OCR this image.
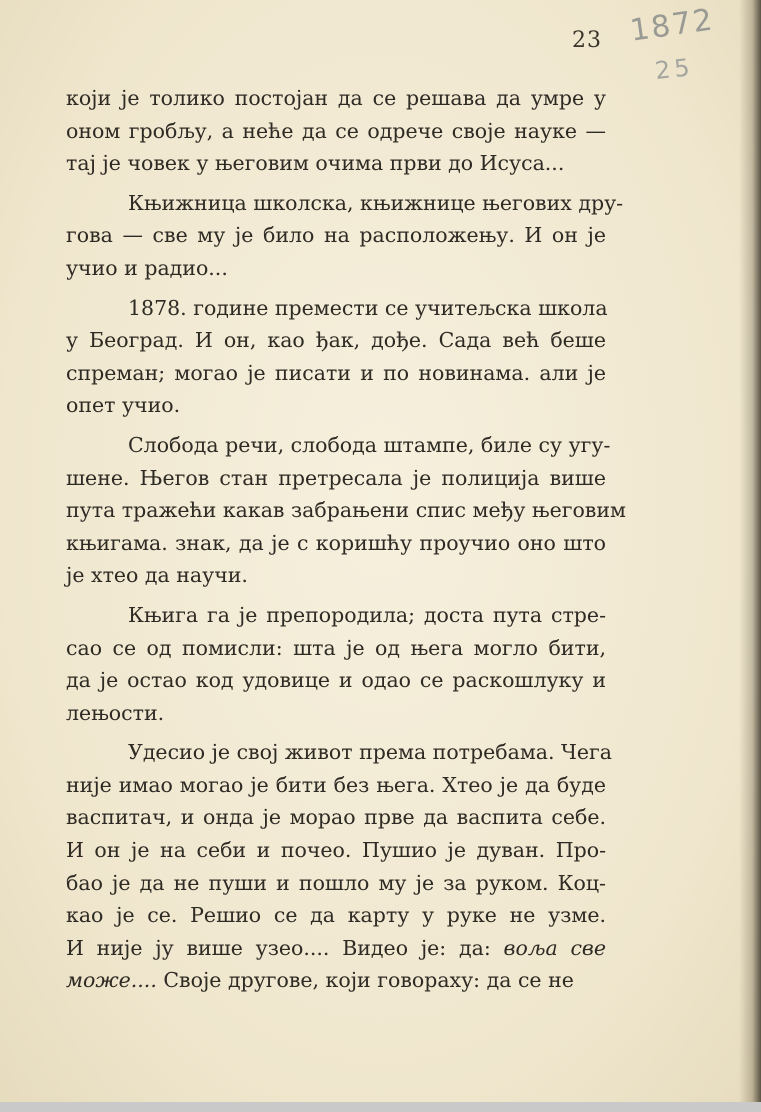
23 1872
25
који је толико постојан да се решава да умре у
оном гробљу, а неће да се одрече своје науке —
тај је човек у његовим очима први до Исуса...
Књижница школска, књижнице његових дру-
гова — све му је било на расположењу. И он је
учио и радио...
1878. године премести се учитељска школа
у Београд. И он, као ђак, дође. Сада већ беше
спреман; могао је писати и по новинама. али је
опет учио.
Слобода речи, слобода штампе, биле су угу-
шене. Његов стан претресала је полиција више
пута тражећи какав забрањени спис међу његовим
књигама. знак, да је с коришћу проучио оно што
је хтео да научи.
Књига га је препородила; доста пута стре-
сао се од помисли: шта је од њега могло бити,
да је остао код удовице и одао се раскошлуку и
лењости.
Удесио је свој живот према потребама. Чега
није имао могао је бити без њега. Хтео је да буде
васпитач, и онда је морао прве да васпита себе.
И он је на себи и почео. Пушио је дуван. Про-
бао је да не пуши и пошло му је за руком. Коц-
као је се. Решио се да карту у руке не узме.
И није ју више узео.... Видео је: да: вољa све
може.... Своје другове, који говораху: да се не
